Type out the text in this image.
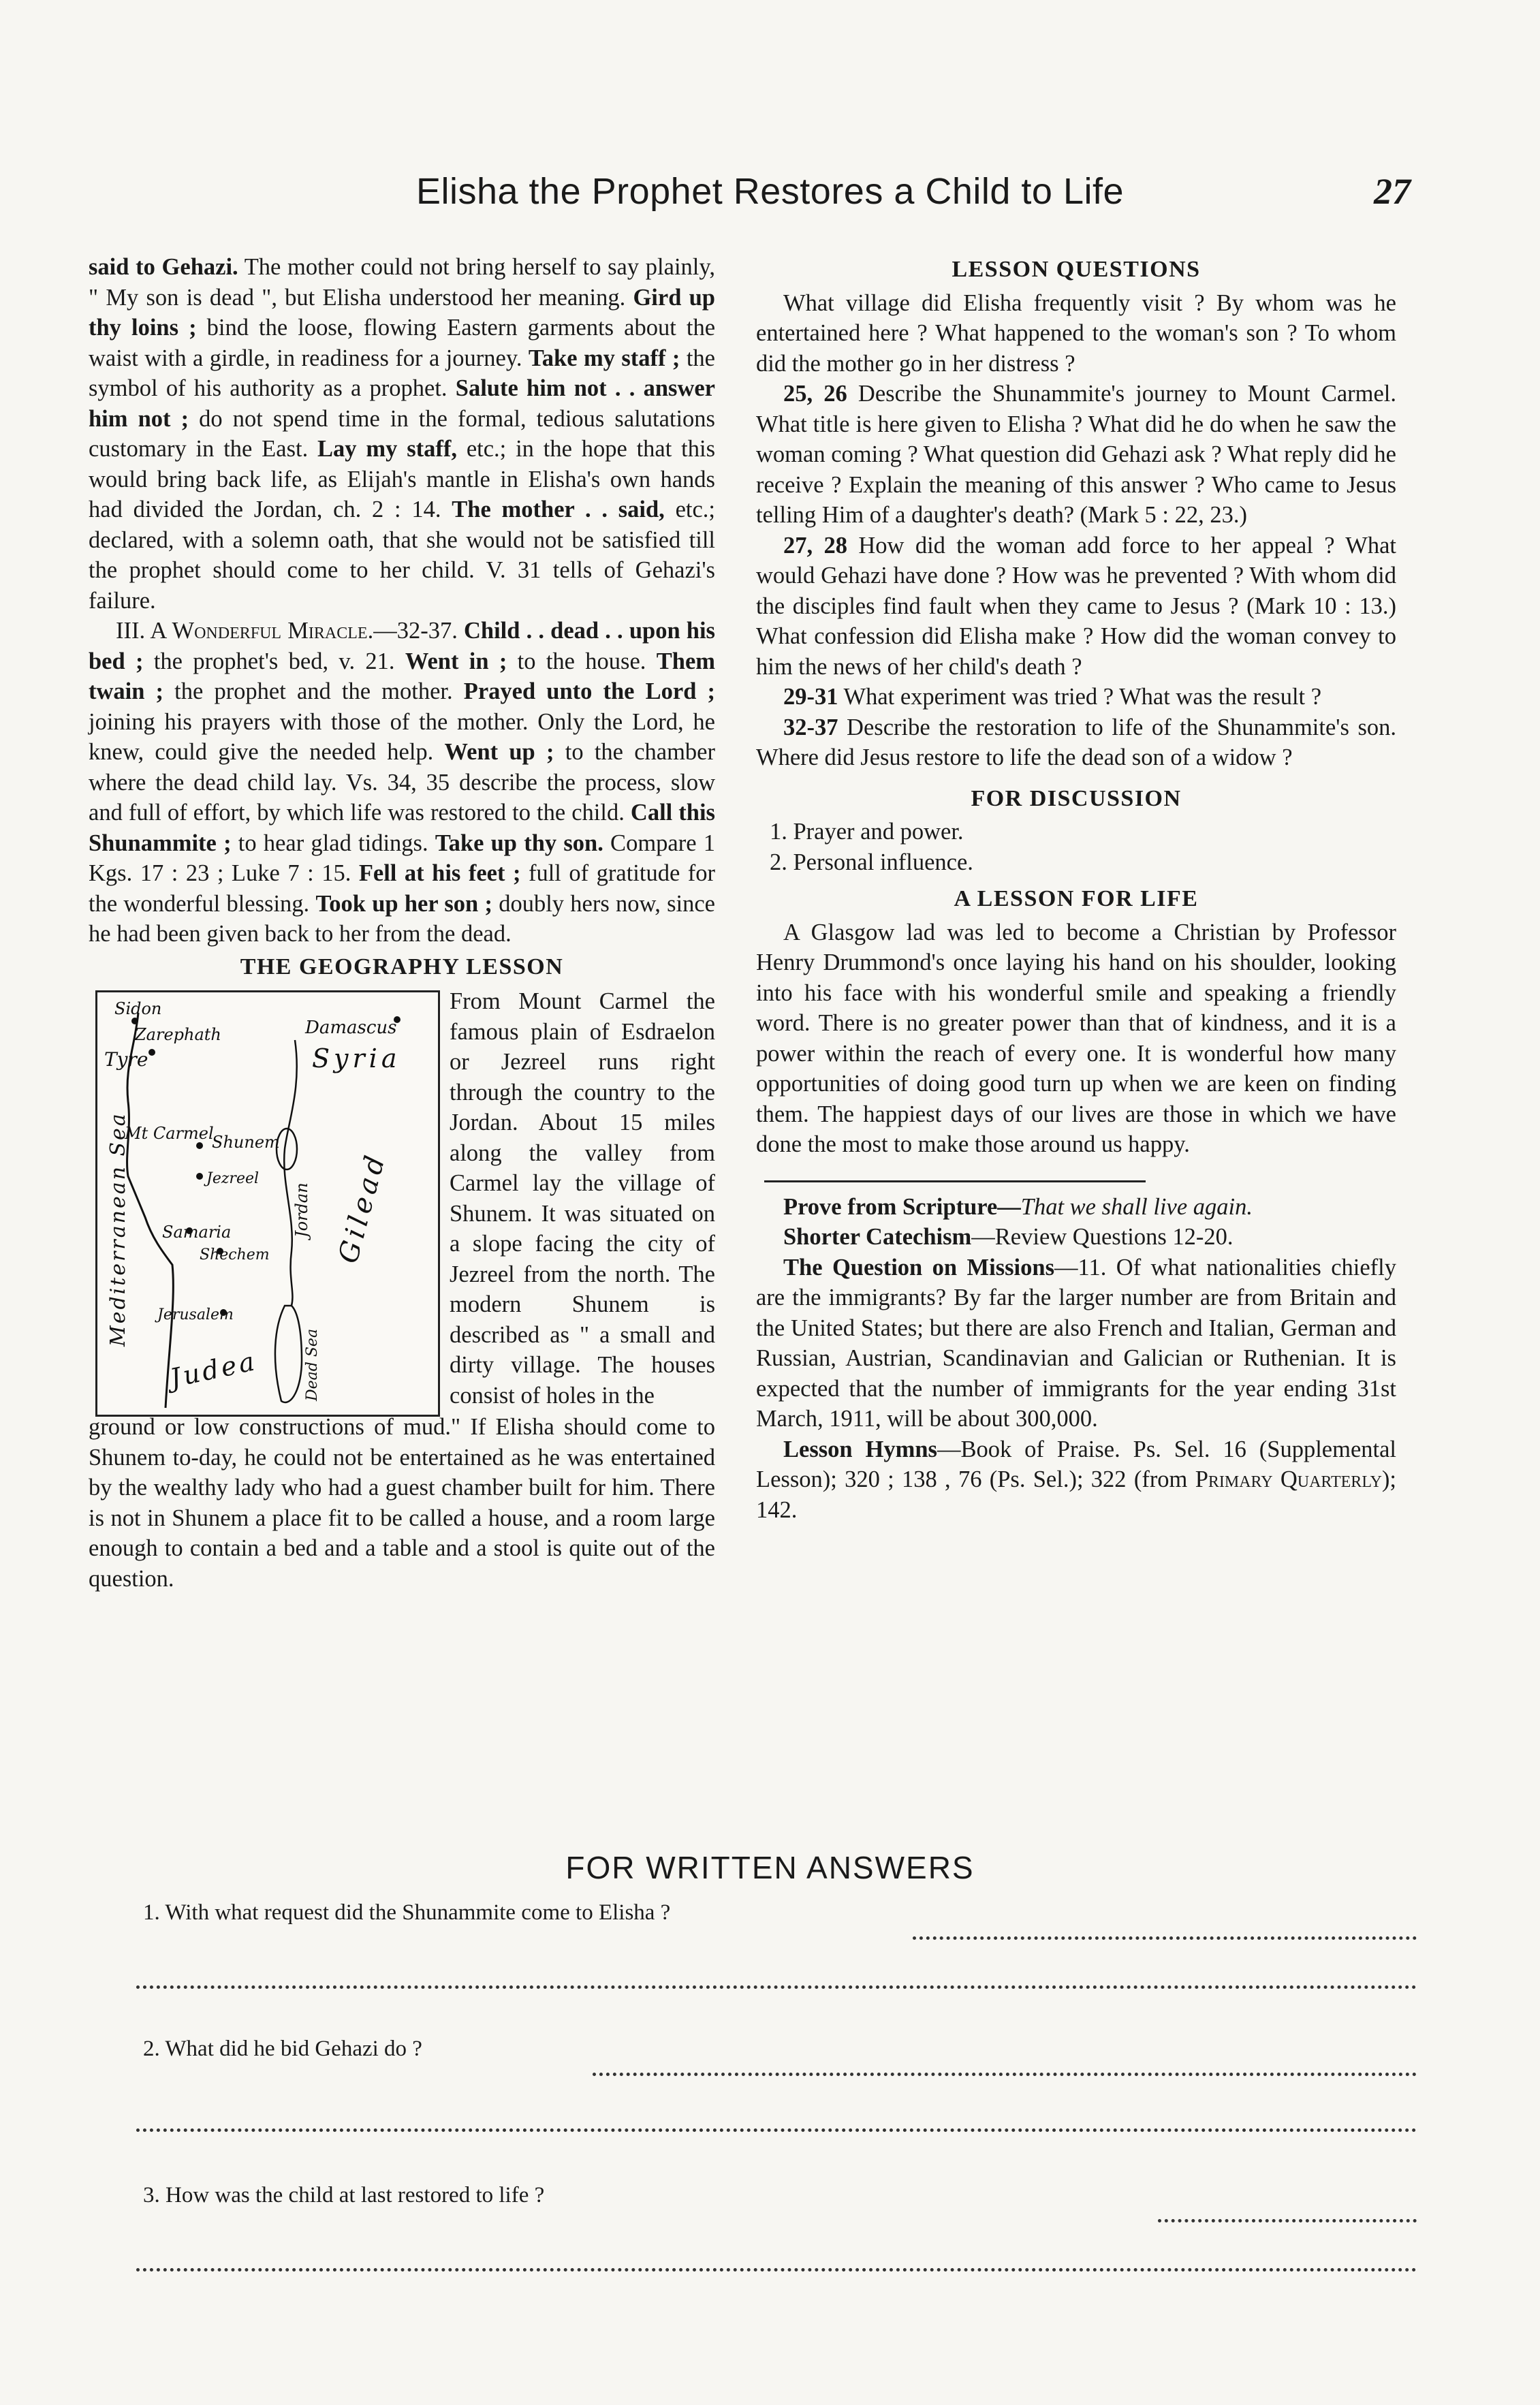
Elisha the Prophet Restores a Child to Life	27

said to Gehazi. The mother could not bring herself to say plainly, " My son is dead ", but Elisha understood her meaning. Gird up thy loins ; bind the loose, flowing Eastern garments about the waist with a girdle, in readiness for a journey. Take my staff ; the symbol of his authority as a prophet. Salute him not . . answer him not ; do not spend time in the formal, tedious salutations customary in the East. Lay my staff, etc.; in the hope that this would bring back life, as Elijah's mantle in Elisha's own hands had divided the Jordan, ch. 2 : 14. The mother . . said, etc.; declared, with a solemn oath, that she would not be satisfied till the prophet should come to her child. V. 31 tells of Gehazi's failure.

III. A Wonderful Miracle.—32-37. Child . . dead . . upon his bed ; the prophet's bed, v. 21. Went in ; to the house. Them twain ; the prophet and the mother. Prayed unto the Lord ; joining his prayers with those of the mother. Only the Lord, he knew, could give the needed help. Went up ; to the chamber where the dead child lay. Vs. 34, 35 describe the process, slow and full of effort, by which life was restored to the child. Call this Shunammite ; to hear glad tidings. Take up thy son. Compare 1 Kgs. 17 : 23 ; Luke 7 : 15. Fell at his feet ; full of gratitude for the wonderful blessing. Took up her son ; doubly hers now, since he had been given back to her from the dead.

THE GEOGRAPHY LESSON
Sidon
Zarephath
Tyre
Damascus
Syria
Mediterranean Sea
Mt Carmel
Shunem
Jezreel
Samaria
Shechem
Jerusalem
Judea
Jordan Gilead
Dead Sea
From Mount Carmel the famous plain of Esdraelon or Jezreel runs right through the country to the Jordan. About 15 miles along the valley from Carmel lay the village of Shunem. It was situated on a slope facing the city of Jezreel from the north. The modern Shunem is described as " a small and dirty village. The houses consist of holes in the

ground or low constructions of mud." If Elisha should come to Shunem to-day, he could not be entertained as he was entertained by the wealthy lady who had a guest chamber built for him. There is not in Shunem a place fit to be called a house, and a room large enough to contain a bed and a table and a stool is quite out of the question.

LESSON QUESTIONS

What village did Elisha frequently visit ? By whom was he entertained here ? What happened to the woman's son ? To whom did the mother go in her distress ?

25, 26 Describe the Shunammite's journey to Mount Carmel. What title is here given to Elisha ? What did he do when he saw the woman coming ? What question did Gehazi ask ? What reply did he receive ? Explain the meaning of this answer ? Who came to Jesus telling Him of a daughter's death? (Mark 5 : 22, 23.)

27, 28 How did the woman add force to her appeal ? What would Gehazi have done ? How was he prevented ? With whom did the disciples find fault when they came to Jesus ? (Mark 10 : 13.) What confession did Elisha make ? How did the woman convey to him the news of her child's death ?

29-31 What experiment was tried ? What was the result ?

32-37 Describe the restoration to life of the Shunammite's son. Where did Jesus restore to life the dead son of a widow ?

FOR DISCUSSION

1. Prayer and power.

2. Personal influence.

A LESSON FOR LIFE

A Glasgow lad was led to become a Christian by Professor Henry Drummond's once laying his hand on his shoulder, looking into his face with his wonderful smile and speaking a friendly word. There is no greater power than that of kindness, and it is a power within the reach of every one. It is wonderful how many opportunities of doing good turn up when we are keen on finding them. The happiest days of our lives are those in which we have done the most to make those around us happy.

Prove from Scripture—That we shall live again.

Shorter Catechism—Review Questions 12-20.

The Question on Missions—11. Of what nationalities chiefly are the immigrants? By far the larger number are from Britain and the United States; but there are also French and Italian, German and Russian, Austrian, Scandinavian and Galician or Ruthenian. It is expected that the number of immigrants for the year ending 31st March, 1911, will be about 300,000.

Lesson Hymns—Book of Praise. Ps. Sel. 16 (Supplemental Lesson); 320 ; 138 , 76 (Ps. Sel.); 322 (from Primary Quarterly); 142.

FOR WRITTEN ANSWERS
1. With what request did the Shunammite come to Elisha ?
2. What did he bid Gehazi do ?
3. How was the child at last restored to life ?
